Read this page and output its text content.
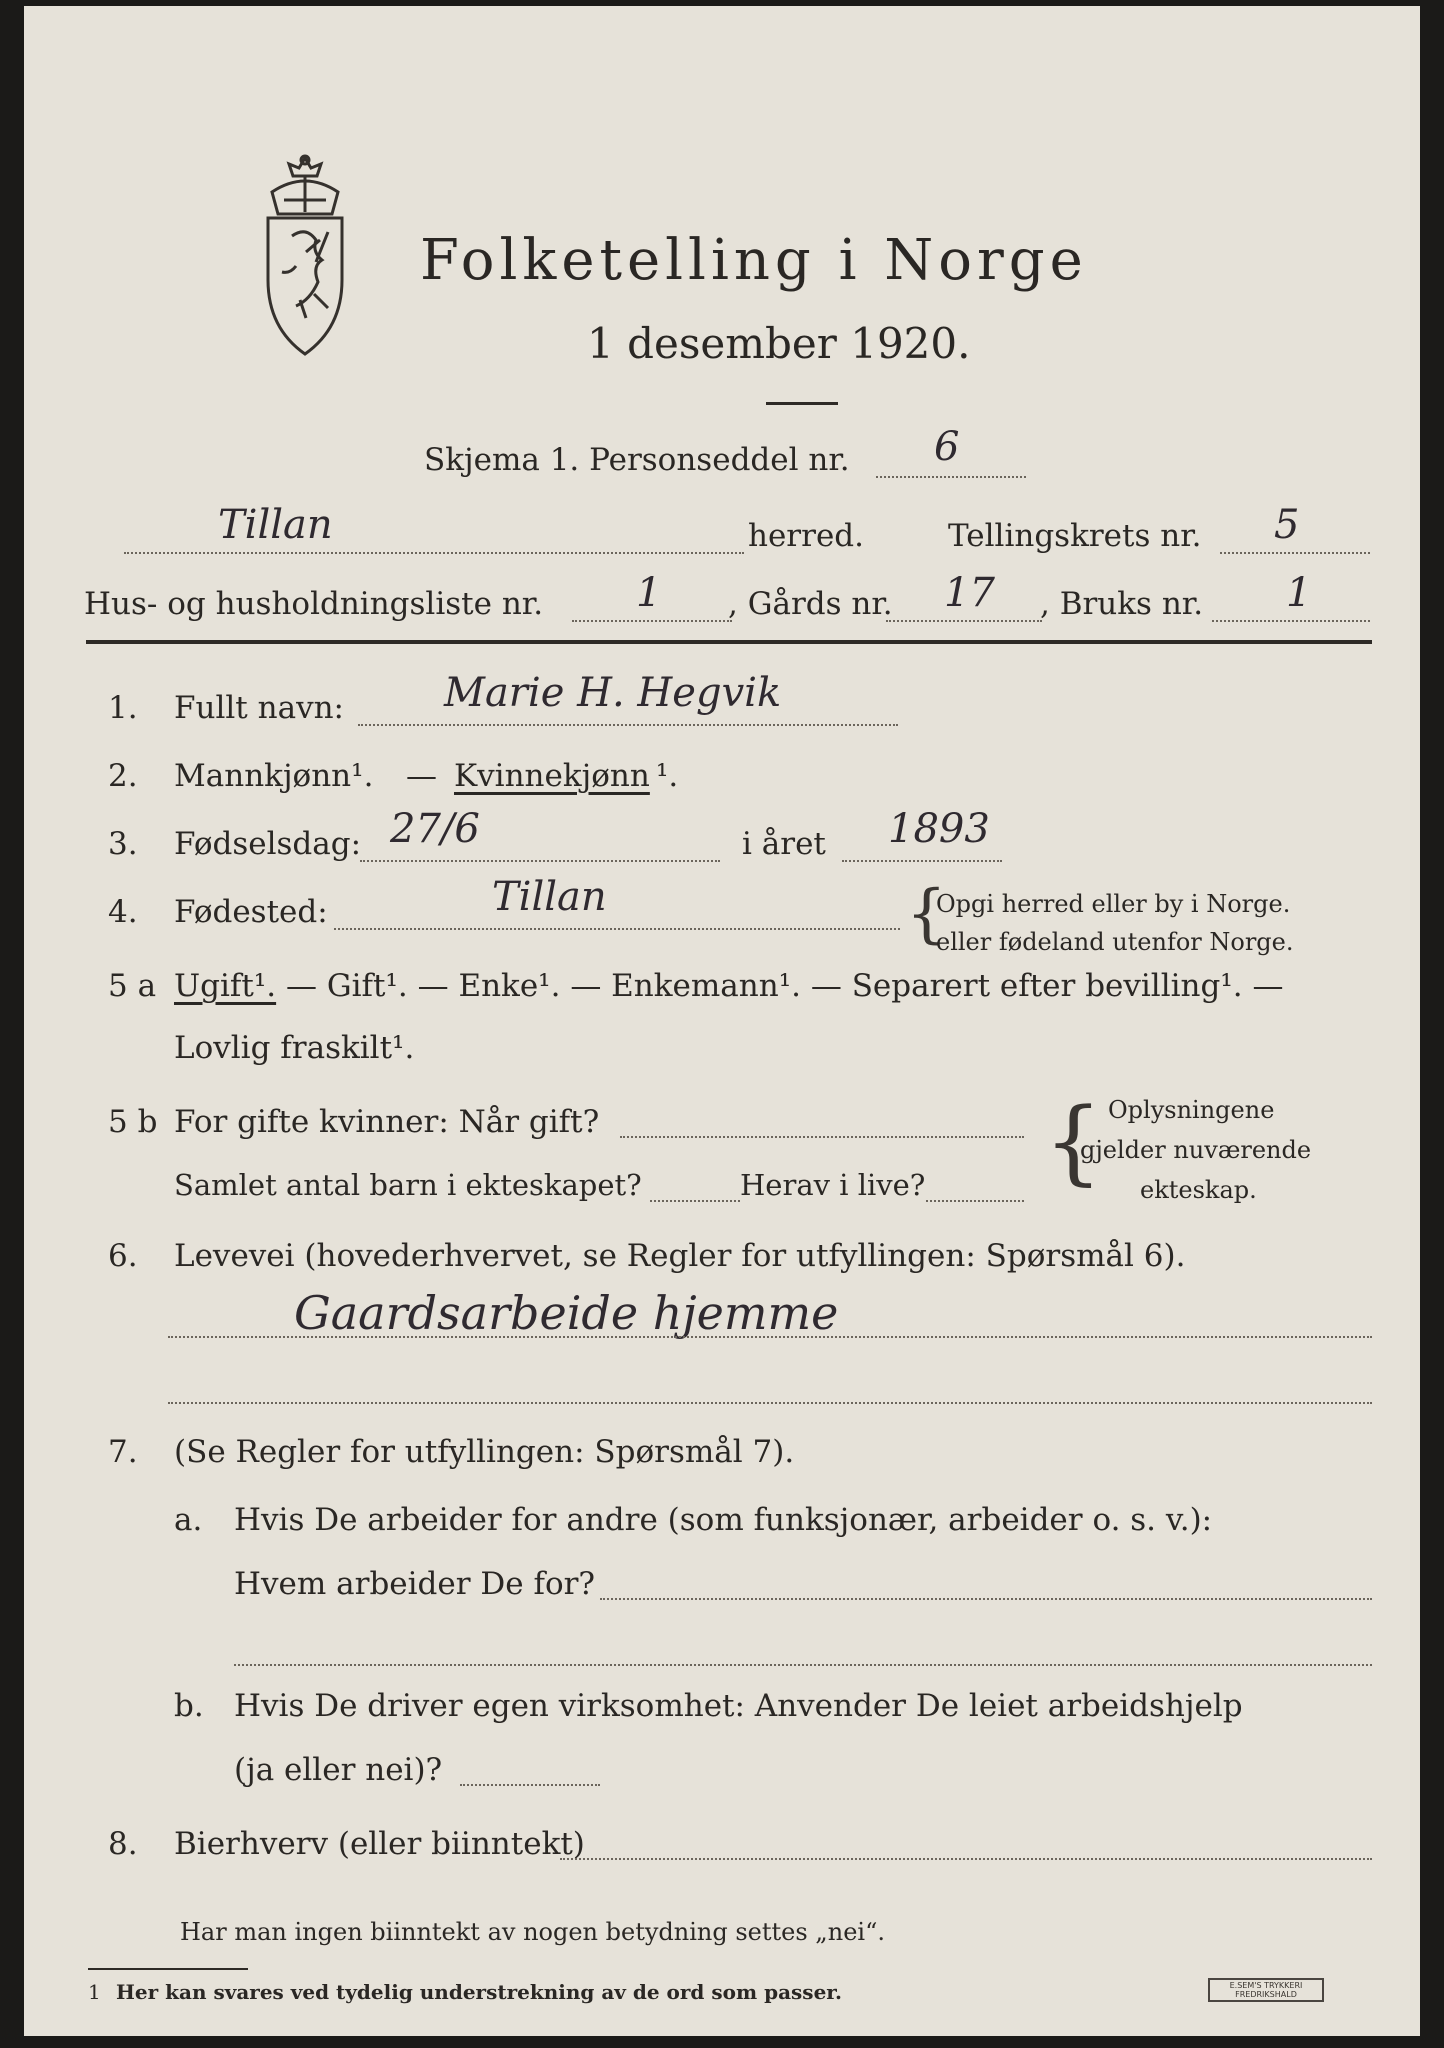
Folketelling i Norge
1 desember 1920.
Skjema 1. Personseddel nr. 6
Tillan	herred.	Tellingskrets nr. 5
Hus- og husholdningsliste nr. 1 , Gårds nr. 17 , Bruks nr. 1
1. Fullt navn:	Marie H. Hegvik
2. Mannkjønn¹. — Kvinnekjønn ¹.
3. Fødselsdag: 27/6	i året 1893
4. Fødested:	Tillan	{
Opgi herred eller by i Norge.
eller fødeland utenfor Norge.
5 a Ugift¹. — Gift¹. — Enke¹. — Enkemann¹. — Separert efter bevilling¹. —
Lovlig fraskilt¹.
5 b For gifte kvinner: Når gift?
Samlet antal barn i ekteskapet?	Herav i live? { Oplysningene
gjelder nuværende
ekteskap.
6. Levevei (hovederhvervet, se Regler for utfyllingen: Spørsmål 6).
Gaardsarbeide hjemme
7. (Se Regler for utfyllingen: Spørsmål 7).
a. Hvis De arbeider for andre (som funksjonær, arbeider o. s. v.):
Hvem arbeider De for?
b. Hvis De driver egen virksomhet: Anvender De leiet arbeidshjelp
(ja eller nei)?
8. Bierhverv (eller biinntekt)
Har man ingen biinntekt av nogen betydning settes „nei“.
1 Her kan svares ved tydelig understrekning av de ord som passer.	E.SEM'S TRYKKERI
FREDRIKSHALD
